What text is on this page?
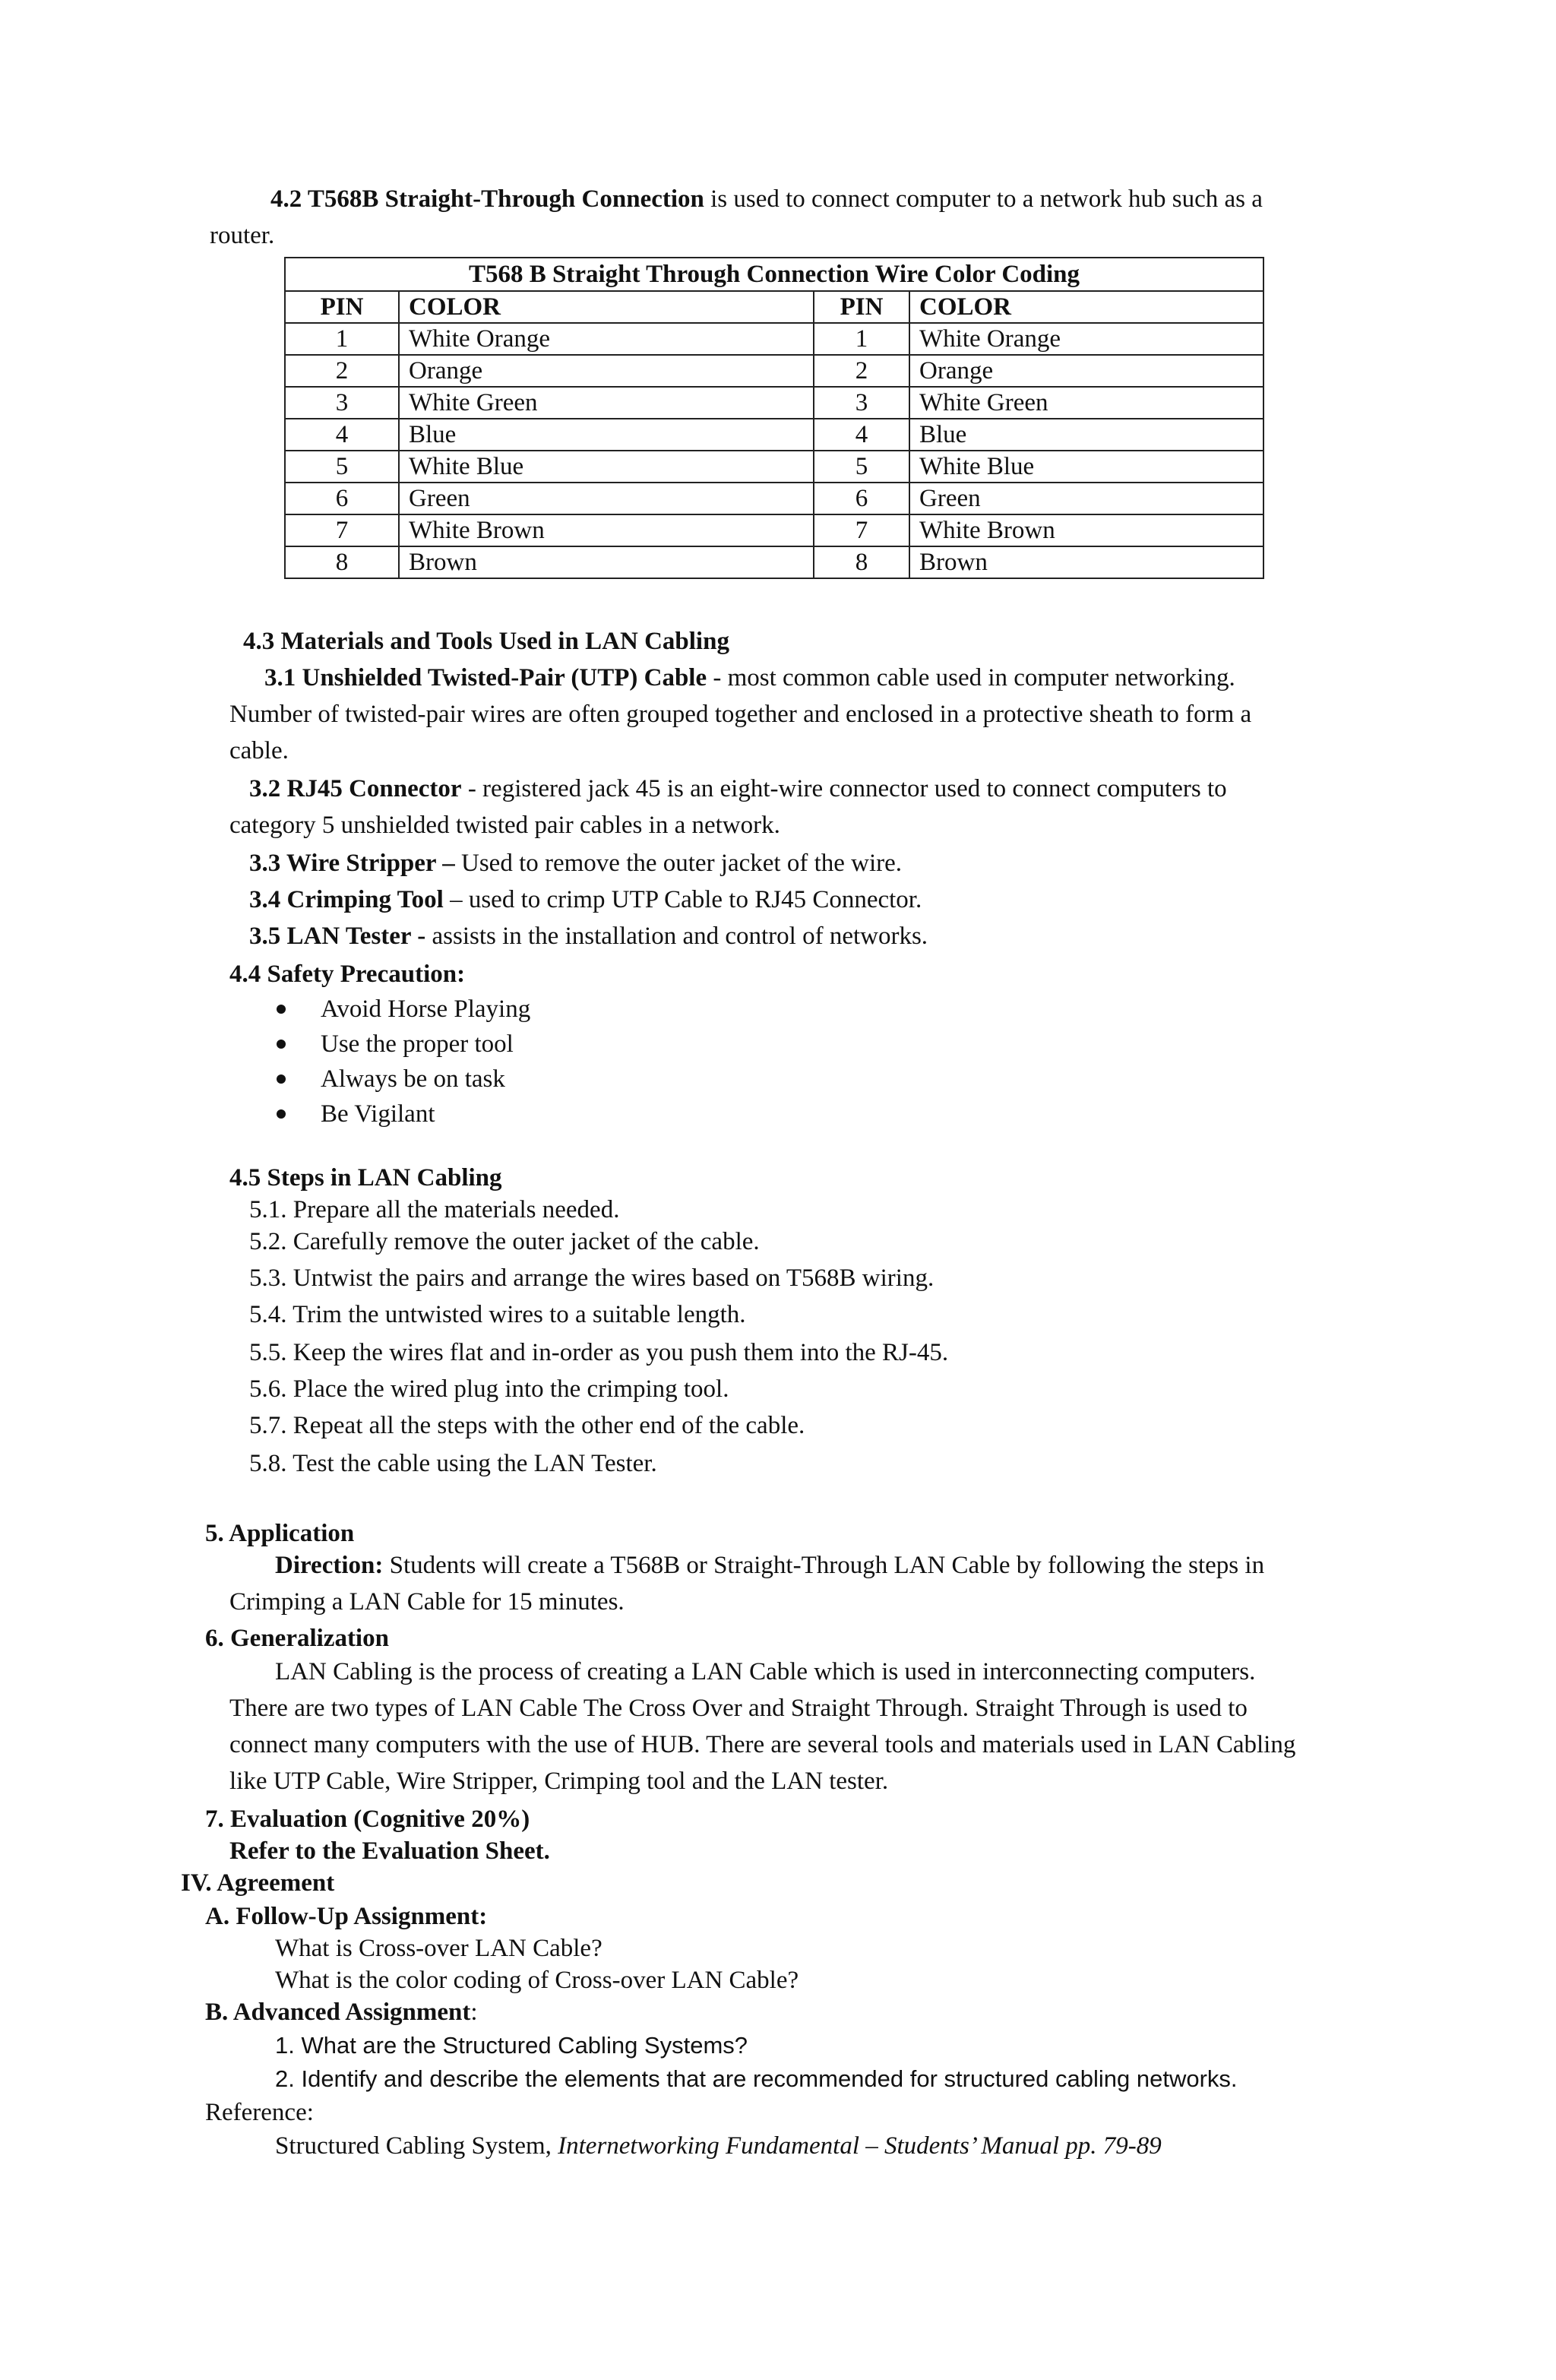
4.2 T568B Straight-Through Connection is used to connect computer to a network hub such as a
router.
T568 B Straight Through Connection Wire Color Coding			
PIN	COLOR	PIN	COLOR
1	White Orange	1	White Orange
2	Orange	2	Orange
3	White Green	3	White Green
4	Blue	4	Blue
5	White Blue	5	White Blue
6	Green	6	Green
7	White Brown	7	White Brown
8	Brown	8	Brown
4.3 Materials and Tools Used in LAN Cabling
3.1 Unshielded Twisted-Pair (UTP) Cable - most common cable used in computer networking.
Number of twisted-pair wires are often grouped together and enclosed in a protective sheath to form a
cable.
3.2 RJ45 Connector - registered jack 45 is an eight-wire connector used to connect computers to
category 5 unshielded twisted pair cables in a network.
3.3 Wire Stripper – Used to remove the outer jacket of the wire.
3.4 Crimping Tool – used to crimp UTP Cable to RJ45 Connector.
3.5 LAN Tester - assists in the installation and control of networks.
4.4 Safety Precaution:
Avoid Horse Playing
Use the proper tool
Always be on task
Be Vigilant
4.5 Steps in LAN Cabling
5.1. Prepare all the materials needed.
5.2. Carefully remove the outer jacket of the cable.
5.3. Untwist the pairs and arrange the wires based on T568B wiring.
5.4. Trim the untwisted wires to a suitable length.
5.5. Keep the wires flat and in-order as you push them into the RJ-45.
5.6. Place the wired plug into the crimping tool.
5.7. Repeat all the steps with the other end of the cable.
5.8. Test the cable using the LAN Tester.
5. Application
Direction: Students will create a T568B or Straight-Through LAN Cable by following the steps in
Crimping a LAN Cable for 15 minutes.
6. Generalization
LAN Cabling is the process of creating a LAN Cable which is used in interconnecting computers.
There are two types of LAN Cable The Cross Over and Straight Through. Straight Through is used to
connect many computers with the use of HUB. There are several tools and materials used in LAN Cabling
like UTP Cable, Wire Stripper, Crimping tool and the LAN tester.
7. Evaluation (Cognitive 20%)
Refer to the Evaluation Sheet.
IV. Agreement
A. Follow-Up Assignment:
What is Cross-over LAN Cable?
What is the color coding of Cross-over LAN Cable?
B. Advanced Assignment:
1. What are the Structured Cabling Systems?
2. Identify and describe the elements that are recommended for structured cabling networks.
Reference:
Structured Cabling System, Internetworking Fundamental – Students’ Manual pp. 79-89
